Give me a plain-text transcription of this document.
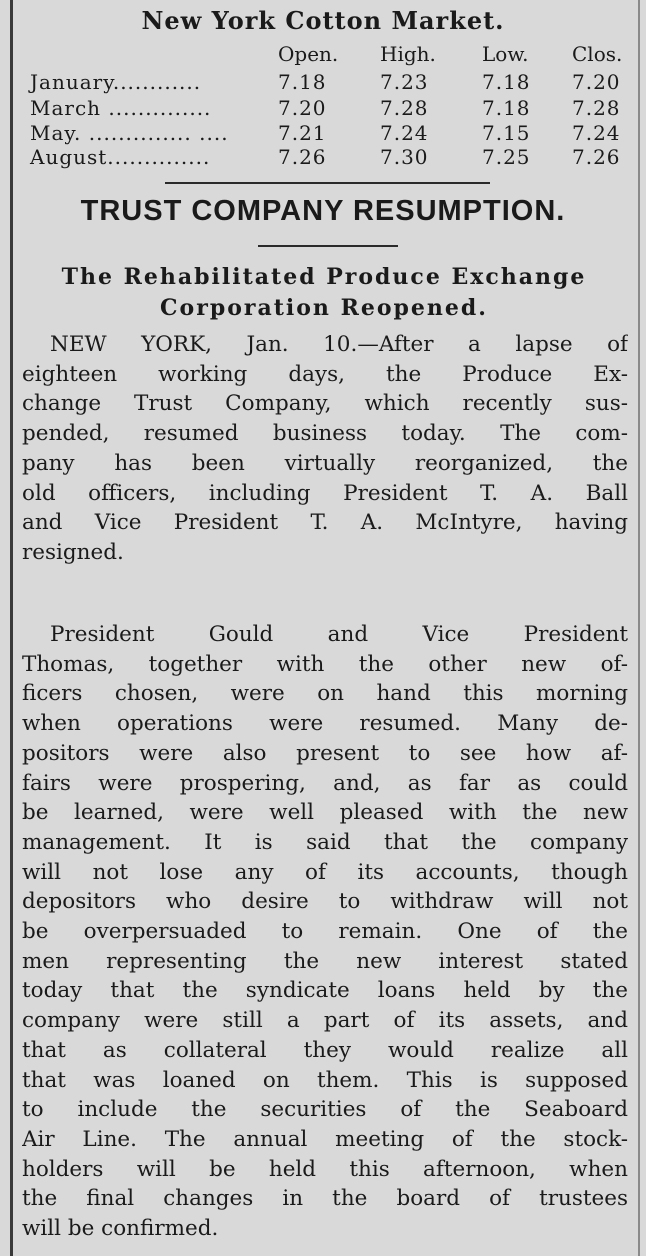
New York Cotton Market.
Open. High. Low. Clos.
January............	7.18	7.23	7.18 7.20
March ..............	7.20	7.28	7.18 7.28
May. .............. ....	7.21	7.24	7.15 7.24
August..............	7.26	7.30	7.25 7.26
TRUST COMPANY RESUMPTION.
The Rehabilitated Produce Exchange
Corporation Reopened.
NEW YORK, Jan. 10.—After a lapse of
eighteen working days, the Produce Ex-
change Trust Company, which recently sus-
pended, resumed business today. The com-
pany has been virtually reorganized, the
old officers, including President T. A. Ball
and Vice President T. A. McIntyre, having
resigned.
President Gould and Vice President
Thomas, together with the other new of-
ficers chosen, were on hand this morning
when operations were resumed. Many de-
positors were also present to see how af-
fairs were prospering, and, as far as could
be learned, were well pleased with the new
management. It is said that the company
will not lose any of its accounts, though
depositors who desire to withdraw will not
be overpersuaded to remain. One of the
men representing the new interest stated
today that the syndicate loans held by the
company were still a part of its assets, and
that as collateral they would realize all
that was loaned on them. This is supposed
to include the securities of the Seaboard
Air Line. The annual meeting of the stock-
holders will be held this afternoon, when
the final changes in the board of trustees
will be confirmed.
